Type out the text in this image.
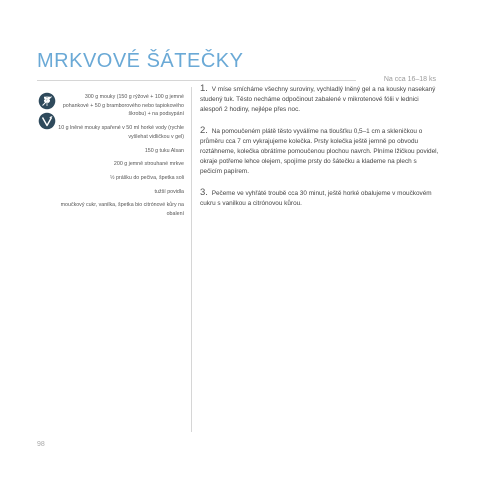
MRKVOVÉ ŠÁTEČKY
Na cca 16–18 ks
300 g mouky (150 g rýžové + 100 g jemné pohankové + 50 g bramborového nebo tapiokového škrobu) + na podsypání
10 g lněné mouky spařené v 50 ml horké vody (rychle vyšlehat vidličkou v gel)
150 g tuku Alsan
200 g jemně strouhané mrkve
½ prášku do pečiva, špetka soli
tužší povidla
moučkový cukr, vanilka, špetka bio citrónové kůry na obalení
1. V míse smícháme všechny suroviny, vychladlý lněný gel a na kousky nasekaný studený tuk. Těsto necháme odpočinout zabalené v mikrotenové fólii v lednici alespoň 2 hodiny, nejlépe přes noc.
2. Na pomoučeném plátě těsto vyválíme na tloušťku 0,5–1 cm a skleničkou o průměru cca 7 cm vykrajujeme kolečka. Prsty kolečka ještě jemně po obvodu roztáhneme, kolečka obrátíme pomoučenou plochou navrch. Plníme lžičkou povidel, okraje potřeme lehce olejem, spojíme prsty do šátečku a klademe na plech s pečicím papírem.
3. Pečeme ve vyhřáté troubě cca 30 minut, ještě horké obalujeme v moučkovém cukru s vanilkou a citrónovou kůrou.
98
